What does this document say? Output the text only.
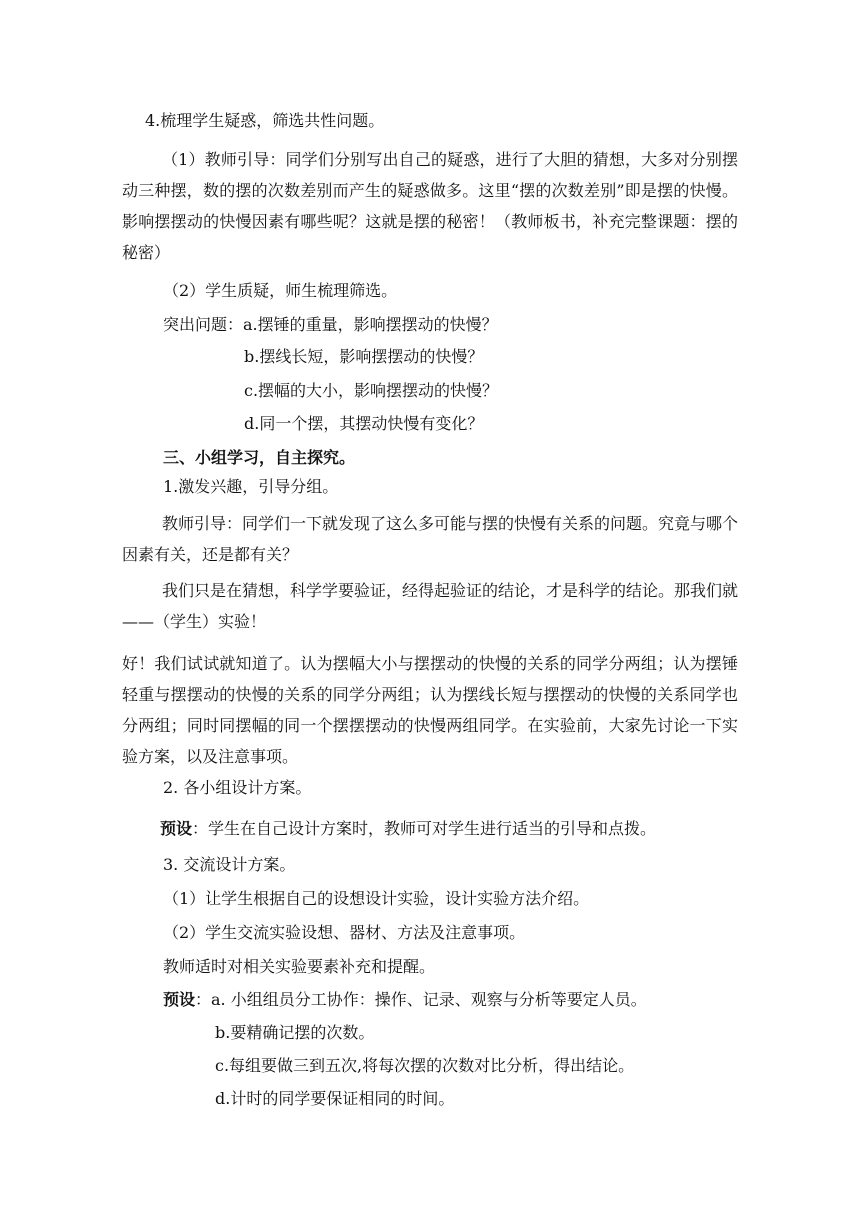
4.梳理学生疑惑，筛选共性问题。
（1）教师引导：同学们分别写出自己的疑惑，进行了大胆的猜想，大多对分别摆动三种摆，数的摆的次数差别而产生的疑惑做多。这里“摆的次数差别”即是摆的快慢。影响摆摆动的快慢因素有哪些呢？这就是摆的秘密！（教师板书，补充完整课题：摆的秘密）
（2）学生质疑，师生梳理筛选。
突出问题：a.摆锤的重量，影响摆摆动的快慢？
b.摆线长短，影响摆摆动的快慢？
c.摆幅的大小，影响摆摆动的快慢？
d.同一个摆，其摆动快慢有变化？
三、小组学习，自主探究。
1.激发兴趣，引导分组。
教师引导：同学们一下就发现了这么多可能与摆的快慢有关系的问题。究竟与哪个因素有关，还是都有关？
我们只是在猜想，科学学要验证，经得起验证的结论，才是科学的结论。那我们就——（学生）实验！
好！我们试试就知道了。认为摆幅大小与摆摆动的快慢的关系的同学分两组；认为摆锤轻重与摆摆动的快慢的关系的同学分两组；认为摆线长短与摆摆动的快慢的关系同学也分两组；同时同摆幅的同一个摆摆摆动的快慢两组同学。在实验前，大家先讨论一下实验方案，以及注意事项。
2. 各小组设计方案。
预设：学生在自己设计方案时，教师可对学生进行适当的引导和点拨。
3. 交流设计方案。
（1）让学生根据自己的设想设计实验，设计实验方法介绍。
（2）学生交流实验设想、器材、方法及注意事项。
教师适时对相关实验要素补充和提醒。
预设：a. 小组组员分工协作：操作、记录、观察与分析等要定人员。
b.要精确记摆的次数。
c.每组要做三到五次,将每次摆的次数对比分析，得出结论。
d.计时的同学要保证相同的时间。
